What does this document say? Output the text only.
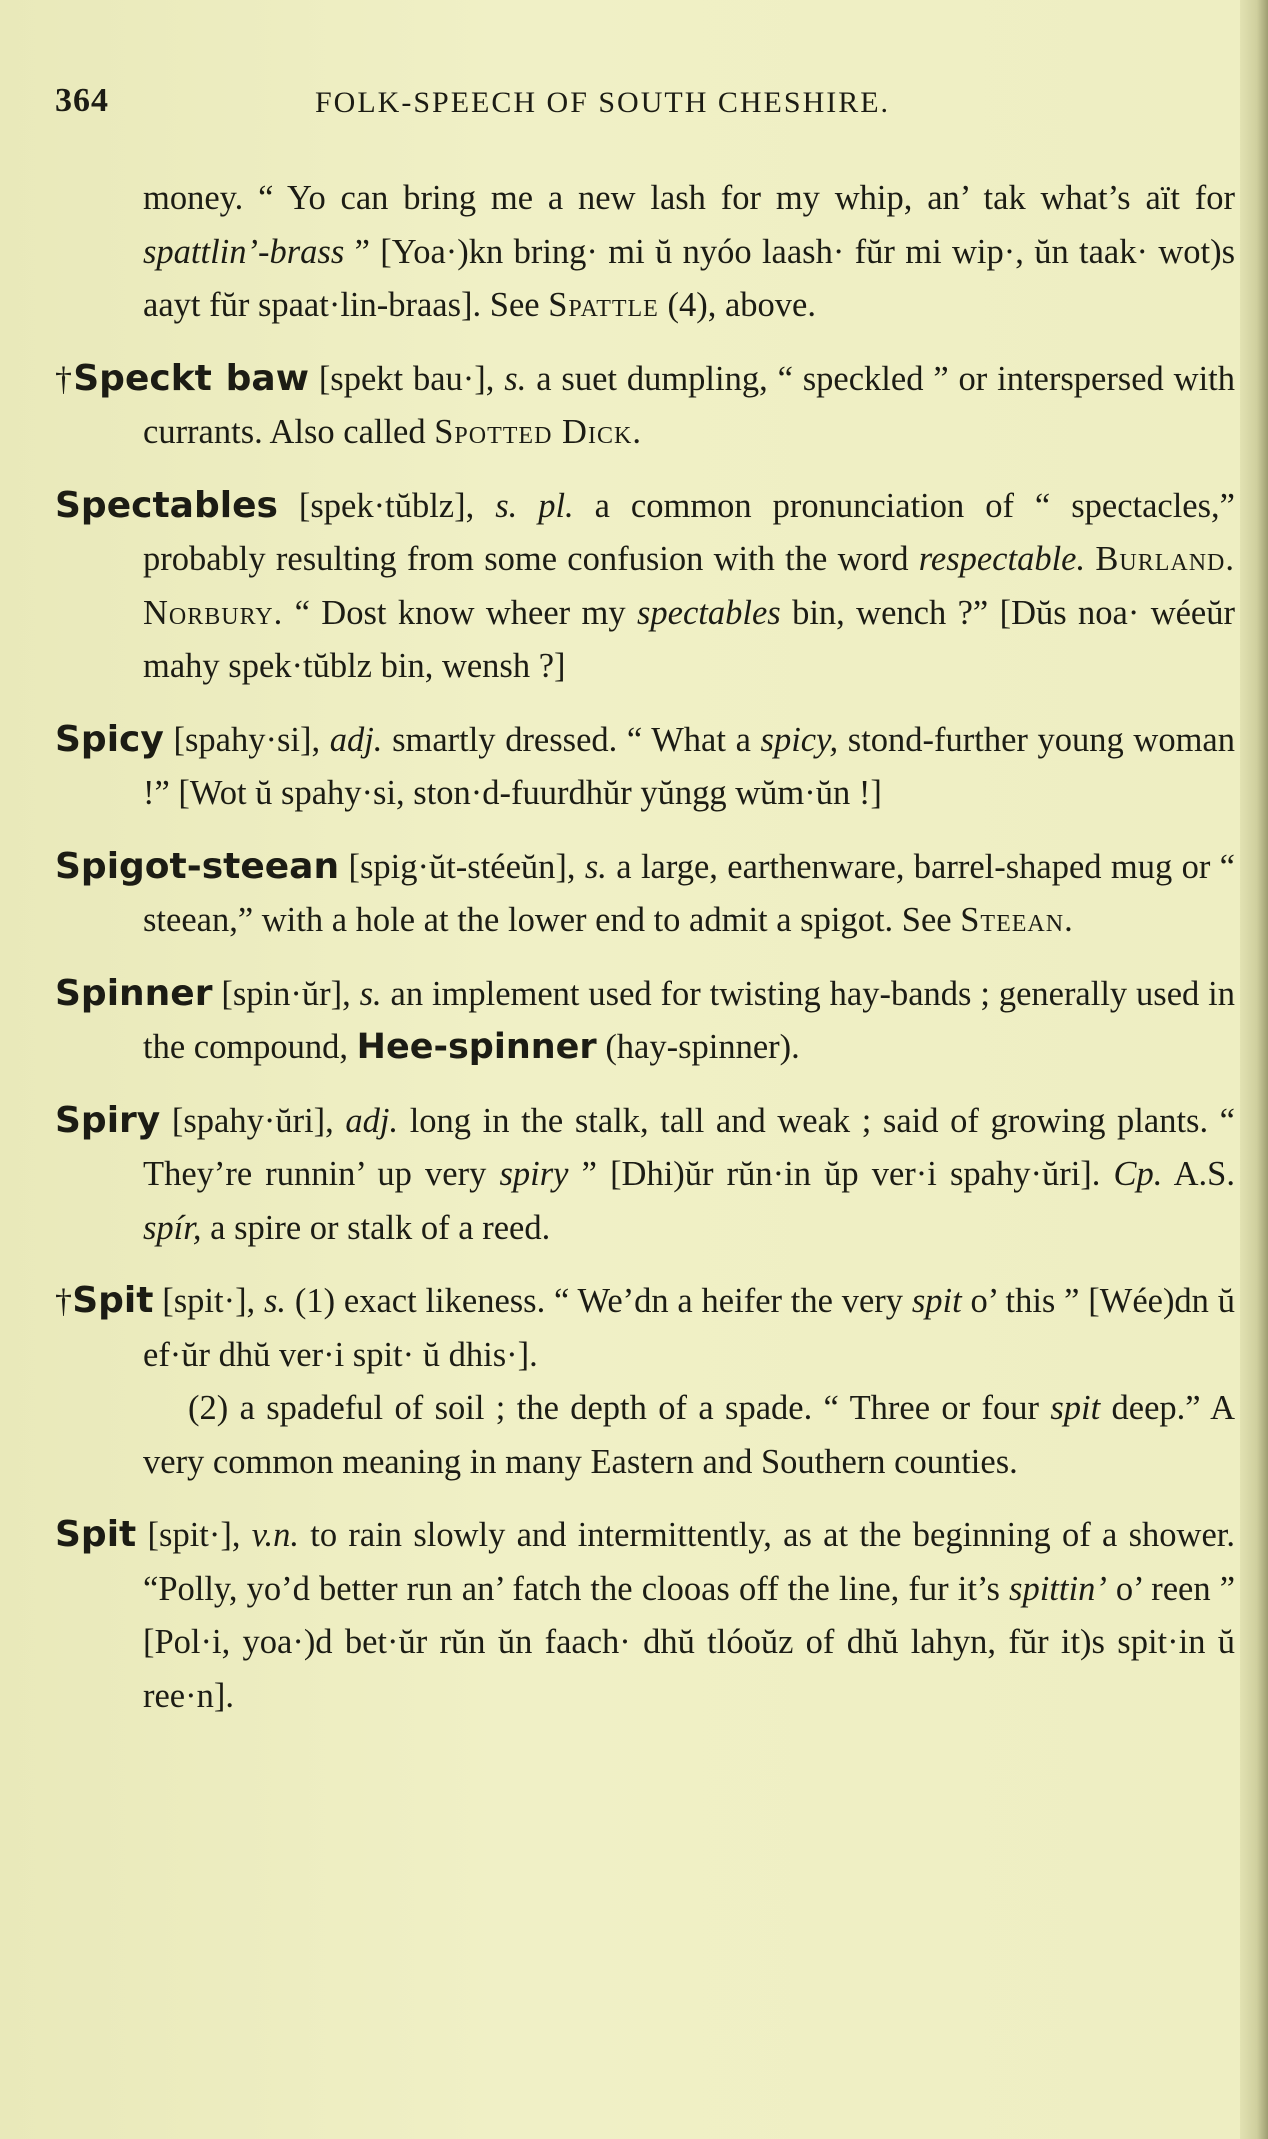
364	FOLK-SPEECH OF SOUTH CHESHIRE.

money. “ Yo can bring me a new lash for my whip, an’ tak what’s aït for spattlin’-brass ” [Yoa·)kn bring· mi ŭ nyóo laash· fŭr mi wip·, ŭn taak· wot)s aayt fŭr spaat·lin-braas]. See Spattle (4), above.

†Speckt baw [spekt bau·], s. a suet dumpling, “ speckled ” or interspersed with currants. Also called Spotted Dick.

Spectables [spek·tŭblz], s. pl. a common pronunciation of “ spectacles,” probably resulting from some confusion with the word respectable. Burland. Norbury. “ Dost know wheer my spectables bin, wench ?” [Dŭs noa· wéeŭr mahy spek·tŭblz bin, wensh ?]

Spicy [spahy·si], adj. smartly dressed. “ What a spicy, stond-further young woman !” [Wot ŭ spahy·si, ston·d-fuurdhŭr yŭngg wŭm·ŭn !]

Spigot-steean [spig·ŭt-stéeŭn], s. a large, earthenware, barrel-shaped mug or “ steean,” with a hole at the lower end to admit a spigot. See Steean.

Spinner [spin·ŭr], s. an implement used for twisting hay-bands ; generally used in the compound, Hee-spinner (hay-spinner).

Spiry [spahy·ŭri], adj. long in the stalk, tall and weak ; said of growing plants. “ They’re runnin’ up very spiry ” [Dhi)ŭr rŭn·in ŭp ver·i spahy·ŭri]. Cp. A.S. spír, a spire or stalk of a reed.

†Spit [spit·], s. (1) exact likeness. “ We’dn a heifer the very spit o’ this ” [Wée)dn ŭ ef·ŭr dhŭ ver·i spit· ŭ dhis·].

(2) a spadeful of soil ; the depth of a spade. “ Three or four spit deep.” A very common meaning in many Eastern and Southern counties.

Spit [spit·], v.n. to rain slowly and intermittently, as at the beginning of a shower. “Polly, yo’d better run an’ fatch the clooas off the line, fur it’s spittin’ o’ reen ” [Pol·i, yoa·)d bet·ŭr rŭn ŭn faach· dhŭ tlóoŭz of dhŭ lahyn, fŭr it)s spit·in ŭ ree·n].
